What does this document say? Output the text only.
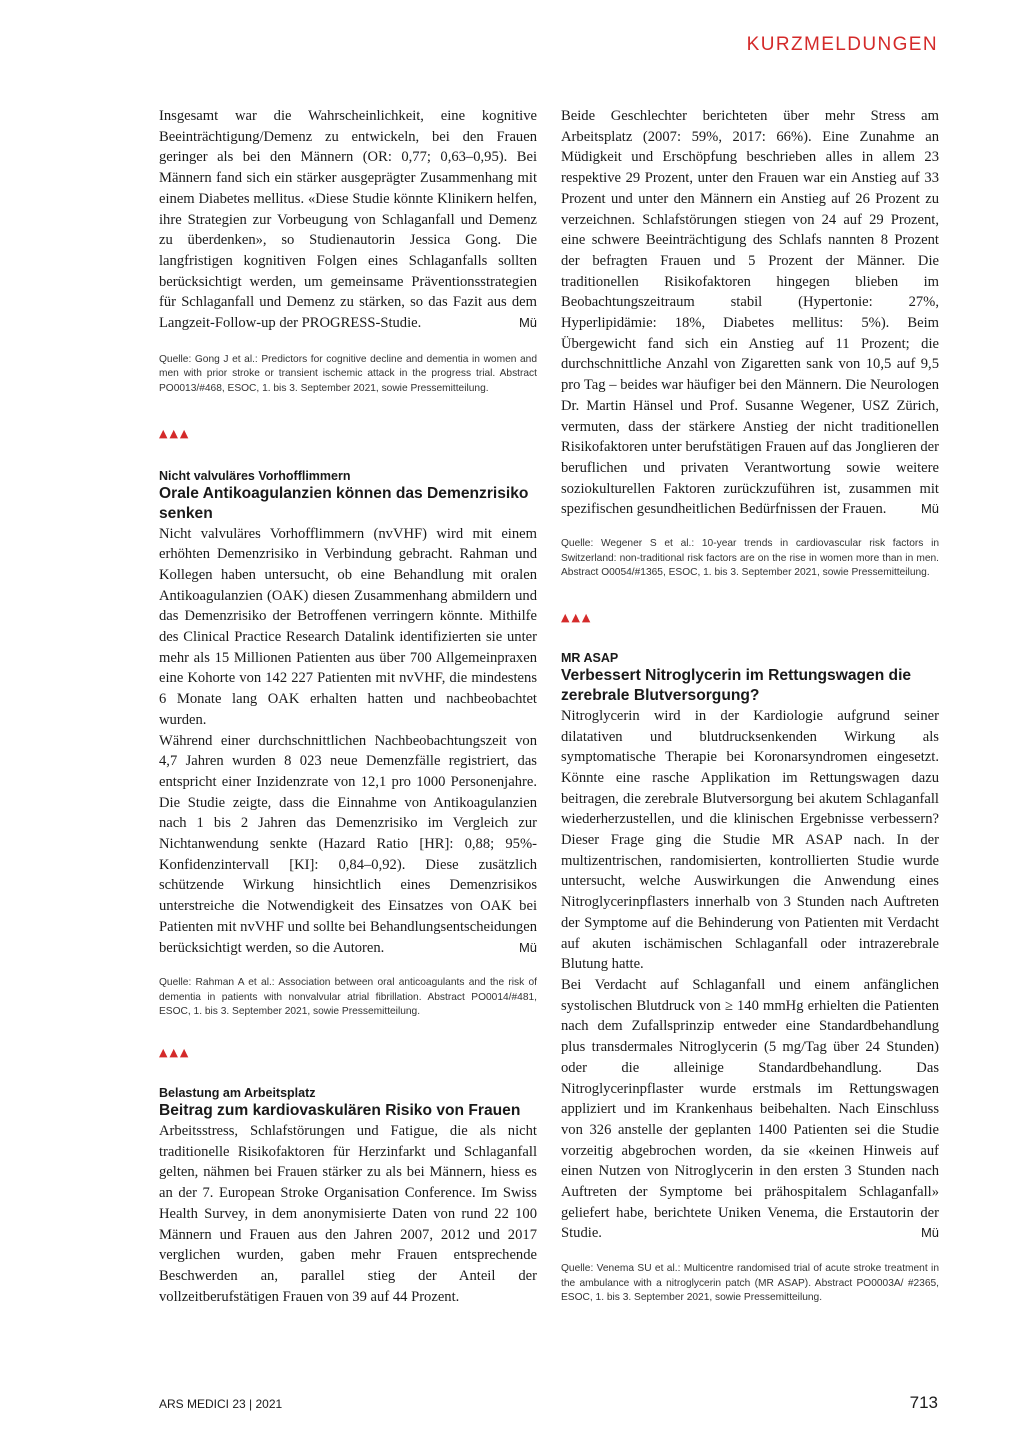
KURZMELDUNGEN

Insgesamt war die Wahrscheinlichkeit, eine kognitive Beeinträchtigung/Demenz zu entwickeln, bei den Frauen geringer als bei den Männern (OR: 0,77; 0,63–0,95). Bei Männern fand sich ein stärker ausgeprägter Zusammenhang mit einem Diabetes mellitus. «Diese Studie könnte Klinikern helfen, ihre Strategien zur Vorbeugung von Schlaganfall und Demenz zu überdenken», so Studienautorin Jessica Gong. Die langfristigen kognitiven Folgen eines Schlaganfalls sollten berücksichtigt werden, um gemeinsame Präventionsstrategien für Schlaganfall und Demenz zu stärken, so das Fazit aus dem Langzeit-Follow-up der PROGRESS-Studie.	Mü

Quelle: Gong J et al.: Predictors for cognitive decline and dementia in women and men with prior stroke or transient ischemic attack in the progress trial. Abstract PO0013/#468, ESOC, 1. bis 3. September 2021, sowie Pressemitteilung.

▲▲▲

Nicht valvuläres Vorhofflimmern

Orale Antikoagulanzien können das Demenzrisiko senken

Nicht valvuläres Vorhofflimmern (nvVHF) wird mit einem erhöhten Demenzrisiko in Verbindung gebracht. Rahman und Kollegen haben untersucht, ob eine Behandlung mit oralen Antikoagulanzien (OAK) diesen Zusammenhang abmildern und das Demenzrisiko der Betroffenen verringern könnte. Mithilfe des Clinical Practice Research Datalink identifizierten sie unter mehr als 15 Millionen Patienten aus über 700 Allgemeinpraxen eine Kohorte von 142 227 Patienten mit nvVHF, die mindestens 6 Monate lang OAK erhalten hatten und nachbeobachtet wurden.

Während einer durchschnittlichen Nachbeobachtungszeit von 4,7 Jahren wurden 8 023 neue Demenzfälle registriert, das entspricht einer Inzidenzrate von 12,1 pro 1000 Personenjahre. Die Studie zeigte, dass die Einnahme von Antikoagulanzien nach 1 bis 2 Jahren das Demenzrisiko im Vergleich zur Nichtanwendung senkte (Hazard Ratio [HR]: 0,88; 95%-Konfidenzintervall [KI]: 0,84–0,92). Diese zusätzlich schützende Wirkung hinsichtlich eines Demenzrisikos unterstreiche die Notwendigkeit des Einsatzes von OAK bei Patienten mit nvVHF und sollte bei Behandlungsentscheidungen berücksichtigt werden, so die Autoren.	Mü

Quelle: Rahman A et al.: Association between oral anticoagulants and the risk of dementia in patients with nonvalvular atrial fibrillation. Abstract PO0014/#481, ESOC, 1. bis 3. September 2021, sowie Pressemitteilung.

▲▲▲

Belastung am Arbeitsplatz

Beitrag zum kardiovaskulären Risiko von Frauen

Arbeitsstress, Schlafstörungen und Fatigue, die als nicht traditionelle Risikofaktoren für Herzinfarkt und Schlaganfall gelten, nähmen bei Frauen stärker zu als bei Männern, hiess es an der 7. European Stroke Organisation Conference. Im Swiss Health Survey, in dem anonymisierte Daten von rund 22 100 Männern und Frauen aus den Jahren 2007, 2012 und 2017 verglichen wurden, gaben mehr Frauen entsprechende Beschwerden an, parallel stieg der Anteil der vollzeitberufstätigen Frauen von 39 auf 44 Prozent.

Beide Geschlechter berichteten über mehr Stress am Arbeitsplatz (2007: 59%, 2017: 66%). Eine Zunahme an Müdigkeit und Erschöpfung beschrieben alles in allem 23 respektive 29 Prozent, unter den Frauen war ein Anstieg auf 33 Prozent und unter den Männern ein Anstieg auf 26 Prozent zu verzeichnen. Schlafstörungen stiegen von 24 auf 29 Prozent, eine schwere Beeinträchtigung des Schlafs nannten 8 Prozent der befragten Frauen und 5 Prozent der Männer. Die traditionellen Risikofaktoren hingegen blieben im Beobachtungszeitraum stabil (Hypertonie: 27%, Hyperlipidämie: 18%, Diabetes mellitus: 5%). Beim Übergewicht fand sich ein Anstieg auf 11 Prozent; die durchschnittliche Anzahl von Zigaretten sank von 10,5 auf 9,5 pro Tag – beides war häufiger bei den Männern. Die Neurologen Dr. Martin Hänsel und Prof. Susanne Wegener, USZ Zürich, vermuten, dass der stärkere Anstieg der nicht traditionellen Risikofaktoren unter berufstätigen Frauen auf das Jonglieren der beruflichen und privaten Verantwortung sowie weitere soziokulturellen Faktoren zurückzuführen ist, zusammen mit spezifischen gesundheitlichen Bedürfnissen der Frauen.	Mü

Quelle: Wegener S et al.: 10-year trends in cardiovascular risk factors in Switzerland: non-traditional risk factors are on the rise in women more than in men. Abstract O0054/#1365, ESOC, 1. bis 3. September 2021, sowie Pressemitteilung.

▲▲▲

MR ASAP

Verbessert Nitroglycerin im Rettungswagen die zerebrale Blutversorgung?

Nitroglycerin wird in der Kardiologie aufgrund seiner dilatativen und blutdrucksenkenden Wirkung als symptomatische Therapie bei Koronarsyndromen eingesetzt. Könnte eine rasche Applikation im Rettungswagen dazu beitragen, die zerebrale Blutversorgung bei akutem Schlaganfall wiederherzustellen, und die klinischen Ergebnisse verbessern? Dieser Frage ging die Studie MR ASAP nach. In der multizentrischen, randomisierten, kontrollierten Studie wurde untersucht, welche Auswirkungen die Anwendung eines Nitroglycerinpflasters innerhalb von 3 Stunden nach Auftreten der Symptome auf die Behinderung von Patienten mit Verdacht auf akuten ischämischen Schlaganfall oder intrazerebrale Blutung hatte.

Bei Verdacht auf Schlaganfall und einem anfänglichen systolischen Blutdruck von ≥ 140 mmHg erhielten die Patienten nach dem Zufallsprinzip entweder eine Standardbehandlung plus transdermales Nitroglycerin (5 mg/Tag über 24 Stunden) oder die alleinige Standardbehandlung. Das Nitroglycerinpflaster wurde erstmals im Rettungswagen appliziert und im Krankenhaus beibehalten. Nach Einschluss von 326 anstelle der geplanten 1400 Patienten sei die Studie vorzeitig abgebrochen worden, da sie «keinen Hinweis auf einen Nutzen von Nitroglycerin in den ersten 3 Stunden nach Auftreten der Symptome bei prähospitalem Schlaganfall» geliefert habe, berichtete Uniken Venema, die Erstautorin der Studie.	Mü

Quelle: Venema SU et al.: Multicentre randomised trial of acute stroke treatment in the ambulance with a nitroglycerin patch (MR ASAP). Abstract PO0003A/ #2365, ESOC, 1. bis 3. September 2021, sowie Pressemitteilung.

ARS MEDICI 23 | 2021	713
